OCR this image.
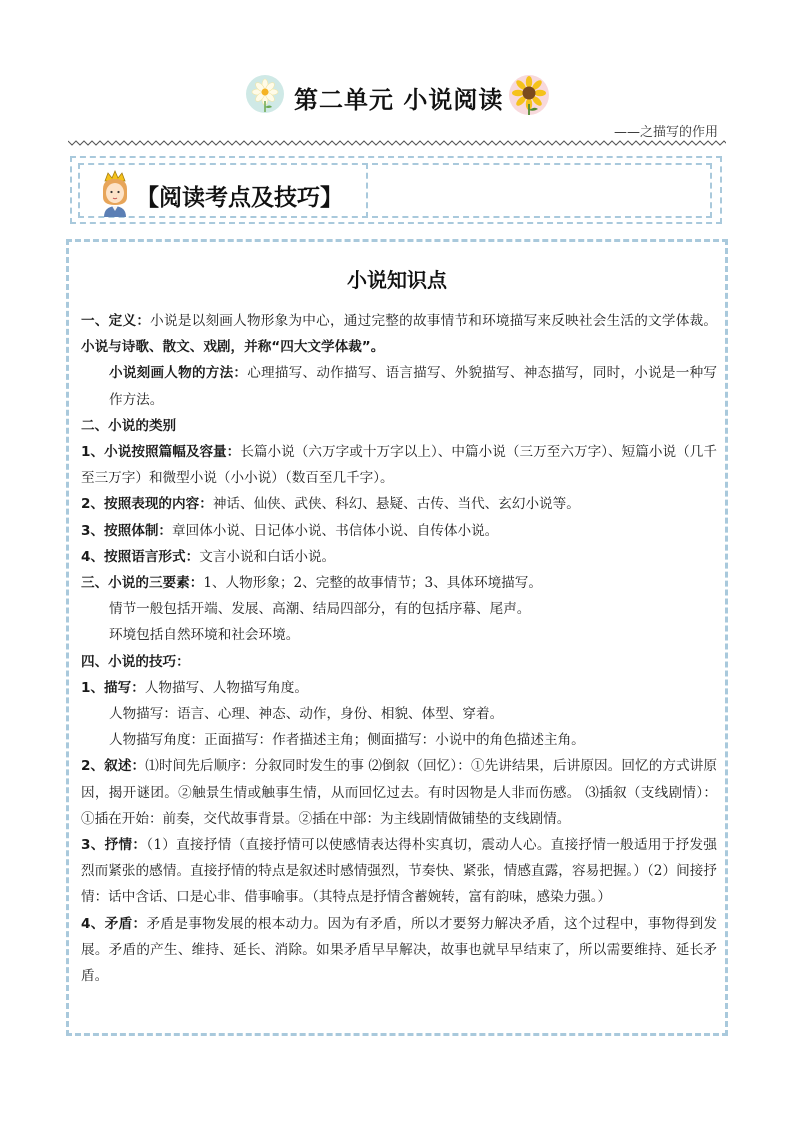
第二单元 小说阅读
——之描写的作用
【阅读考点及技巧】
小说知识点
一、定义：小说是以刻画人物形象为中心，通过完整的故事情节和环境描写来反映社会生活的文学体裁。小说与诗歌、散文、戏剧，并称“四大文学体裁”。
小说刻画人物的方法：心理描写、动作描写、语言描写、外貌描写、神态描写，同时，小说是一种写作方法。
二、小说的类别
1、小说按照篇幅及容量：长篇小说（六万字或十万字以上）、中篇小说（三万至六万字）、短篇小说（几千至三万字）和微型小说（小小说）（数百至几千字）。
2、按照表现的内容：神话、仙侠、武侠、科幻、悬疑、古传、当代、玄幻小说等。
3、按照体制：章回体小说、日记体小说、书信体小说、自传体小说。
4、按照语言形式：文言小说和白话小说。
三、小说的三要素：1、人物形象；2、完整的故事情节；3、具体环境描写。
情节一般包括开端、发展、高潮、结局四部分，有的包括序幕、尾声。
环境包括自然环境和社会环境。
四、小说的技巧：
1、描写：人物描写、人物描写角度。
人物描写：语言、心理、神态、动作，身份、相貌、体型、穿着。
人物描写角度：正面描写：作者描述主角；侧面描写：小说中的角色描述主角。
2、叙述：⑴时间先后顺序：分叙同时发生的事 ⑵倒叙（回忆）：①先讲结果，后讲原因。回忆的方式讲原因，揭开谜团。②触景生情或触事生情，从而回忆过去。有时因物是人非而伤感。 ⑶插叙（支线剧情）：①插在开始：前奏，交代故事背景。②插在中部：为主线剧情做铺垫的支线剧情。
3、抒情：（1）直接抒情（直接抒情可以使感情表达得朴实真切，震动人心。直接抒情一般适用于抒发强烈而紧张的感情。直接抒情的特点是叙述时感情强烈，节奏快、紧张，情感直露，容易把握。）（2）间接抒情：话中含话、口是心非、借事喻事。（其特点是抒情含蓄婉转，富有韵味，感染力强。）
4、矛盾：矛盾是事物发展的根本动力。因为有矛盾，所以才要努力解决矛盾，这个过程中，事物得到发展。矛盾的产生、维持、延长、消除。如果矛盾早早解决，故事也就早早结束了，所以需要维持、延长矛盾。
